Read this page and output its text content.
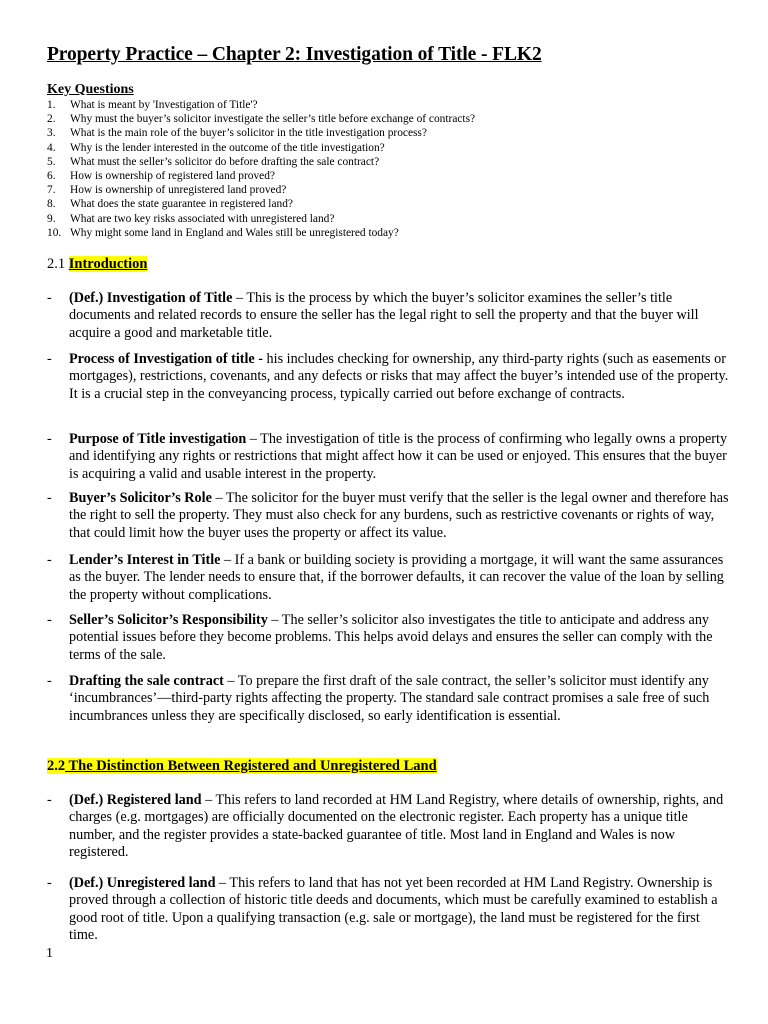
Property Practice – Chapter 2: Investigation of Title - FLK2
Key Questions
1.	What is meant by 'Investigation of Title'?
2.	Why must the buyer’s solicitor investigate the seller’s title before exchange of contracts?
3.	What is the main role of the buyer’s solicitor in the title investigation process?
4.	Why is the lender interested in the outcome of the title investigation?
5.	What must the seller’s solicitor do before drafting the sale contract?
6.	How is ownership of registered land proved?
7.	How is ownership of unregistered land proved?
8.	What does the state guarantee in registered land?
9.	What are two key risks associated with unregistered land?
10. Why might some land in England and Wales still be unregistered today?
2.1 Introduction
- (Def.) Investigation of Title – This is the process by which the buyer’s solicitor examines the seller’s title documents and related records to ensure the seller has the legal right to sell the property and that the buyer will acquire a good and marketable title.
- Process of Investigation of title - his includes checking for ownership, any third-party rights (such as easements or mortgages), restrictions, covenants, and any defects or risks that may affect the buyer’s intended use of the property. It is a crucial step in the conveyancing process, typically carried out before exchange of contracts.
- Purpose of Title investigation – The investigation of title is the process of confirming who legally owns a property and identifying any rights or restrictions that might affect how it can be used or enjoyed. This ensures that the buyer is acquiring a valid and usable interest in the property.
- Buyer’s Solicitor’s Role – The solicitor for the buyer must verify that the seller is the legal owner and therefore has the right to sell the property. They must also check for any burdens, such as restrictive covenants or rights of way, that could limit how the buyer uses the property or affect its value.
- Lender’s Interest in Title – If a bank or building society is providing a mortgage, it will want the same assurances as the buyer. The lender needs to ensure that, if the borrower defaults, it can recover the value of the loan by selling the property without complications.
- Seller’s Solicitor’s Responsibility – The seller’s solicitor also investigates the title to anticipate and address any potential issues before they become problems. This helps avoid delays and ensures the seller can comply with the terms of the sale.
- Drafting the sale contract – To prepare the first draft of the sale contract, the seller’s solicitor must identify any ‘incumbrances’—third-party rights affecting the property. The standard sale contract promises a sale free of such incumbrances unless they are specifically disclosed, so early identification is essential.
2.2 The Distinction Between Registered and Unregistered Land
- (Def.) Registered land – This refers to land recorded at HM Land Registry, where details of ownership, rights, and charges (e.g. mortgages) are officially documented on the electronic register. Each property has a unique title number, and the register provides a state-backed guarantee of title. Most land in England and Wales is now registered.
- (Def.) Unregistered land – This refers to land that has not yet been recorded at HM Land Registry. Ownership is proved through a collection of historic title deeds and documents, which must be carefully examined to establish a good root of title. Upon a qualifying transaction (e.g. sale or mortgage), the land must be registered for the first time.
1
